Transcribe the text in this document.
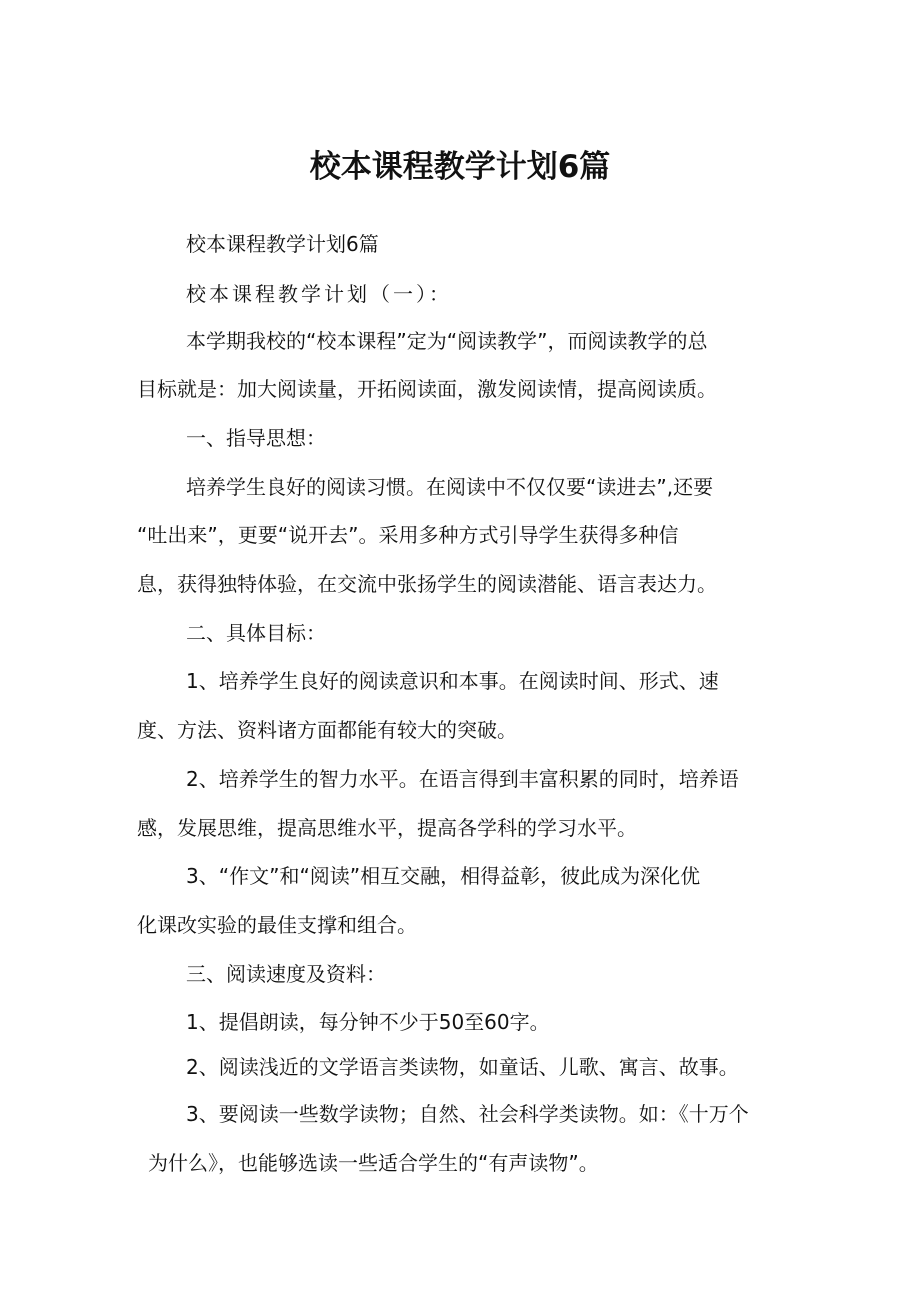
校本课程教学计划6篇

校本课程教学计划6篇

校本课程教学计划（一）：

本学期我校的“校本课程”定为“阅读教学”，而阅读教学的总

目标就是：加大阅读量，开拓阅读面，激发阅读情，提高阅读质。

一、指导思想：

培养学生良好的阅读习惯。在阅读中不仅仅要“读进去”,还要

“吐出来”，更要“说开去”。采用多种方式引导学生获得多种信

息，获得独特体验，在交流中张扬学生的阅读潜能、语言表达力。

二、具体目标：

1、培养学生良好的阅读意识和本事。在阅读时间、形式、速

度、方法、资料诸方面都能有较大的突破。

2、培养学生的智力水平。在语言得到丰富积累的同时，培养语

感，发展思维，提高思维水平，提高各学科的学习水平。

3、“作文”和“阅读”相互交融，相得益彰，彼此成为深化优

化课改实验的最佳支撑和组合。

三、阅读速度及资料：

1、提倡朗读，每分钟不少于50至60字。

2、阅读浅近的文学语言类读物，如童话、儿歌、寓言、故事。

3、要阅读一些数学读物；自然、社会科学类读物。如：《十万个

为什么》，也能够选读一些适合学生的“有声读物”。
